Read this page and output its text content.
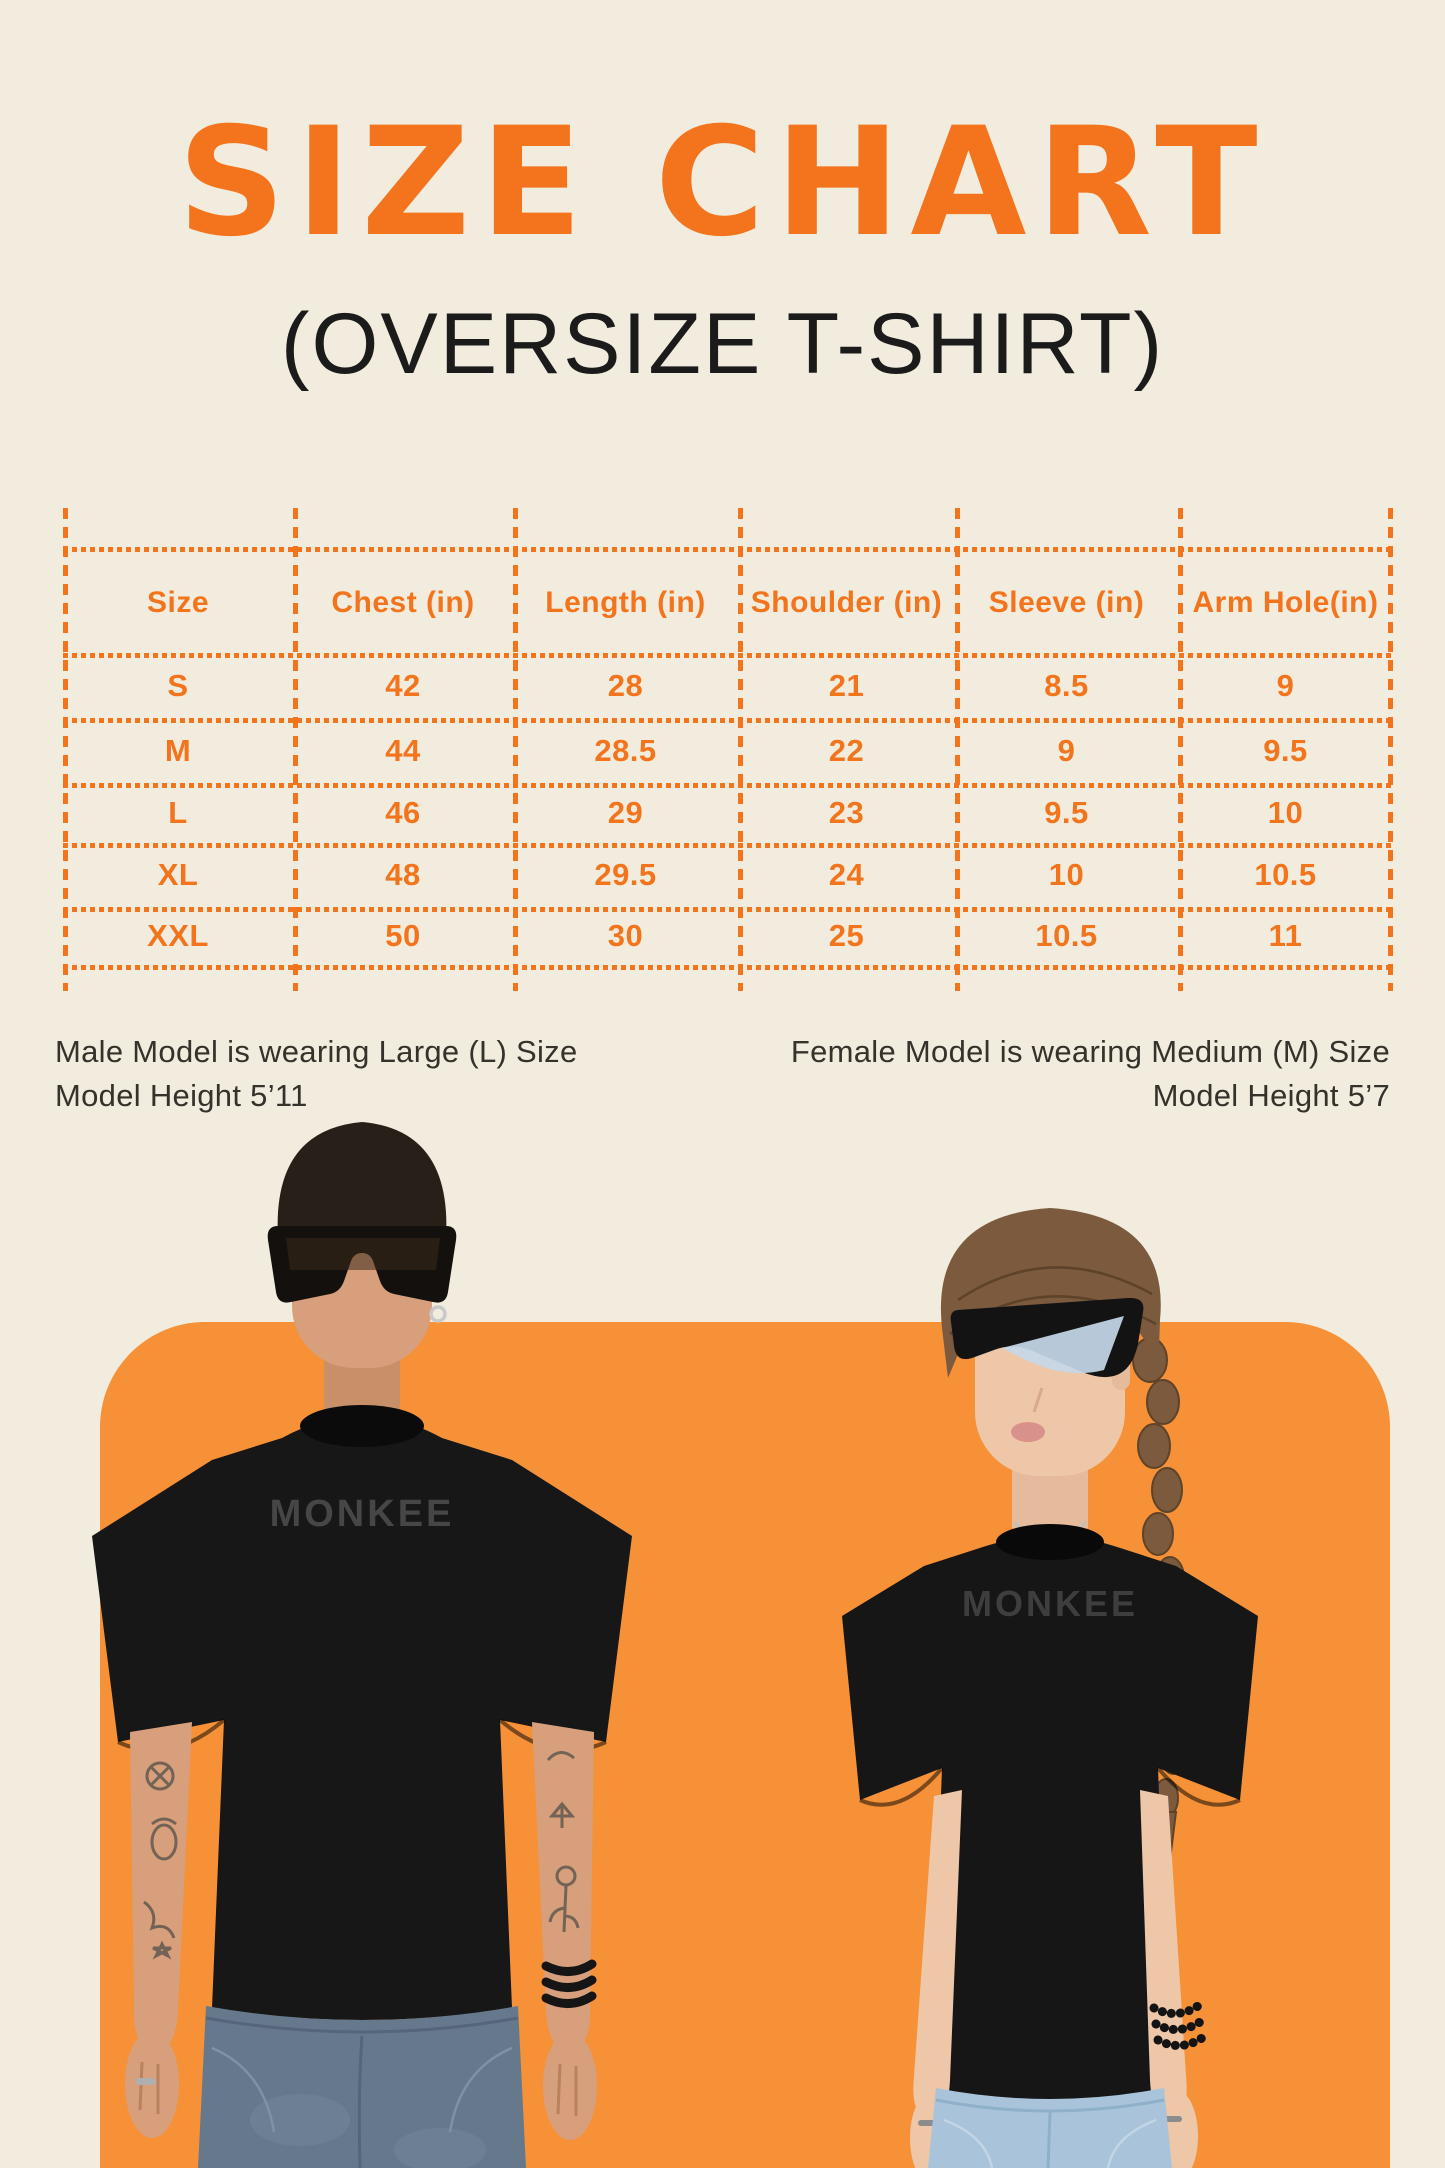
SIZE CHART
(OVERSIZE T-SHIRT)
Size	Chest (in)	Length (in)	Shoulder (in)	Sleeve (in)	Arm Hole(in)
S	42	28	21	8.5	9
M	44	28.5	22	9	9.5
L	46	29	23	9.5	10
XL	48	29.5	24	10	10.5
XXL	50	30	25	10.5	11
Male Model is wearing Large (L) Size
Model Height 5’11
Female Model is wearing Medium (M) Size
Model Height 5’7
MONKEE
MONKEE
